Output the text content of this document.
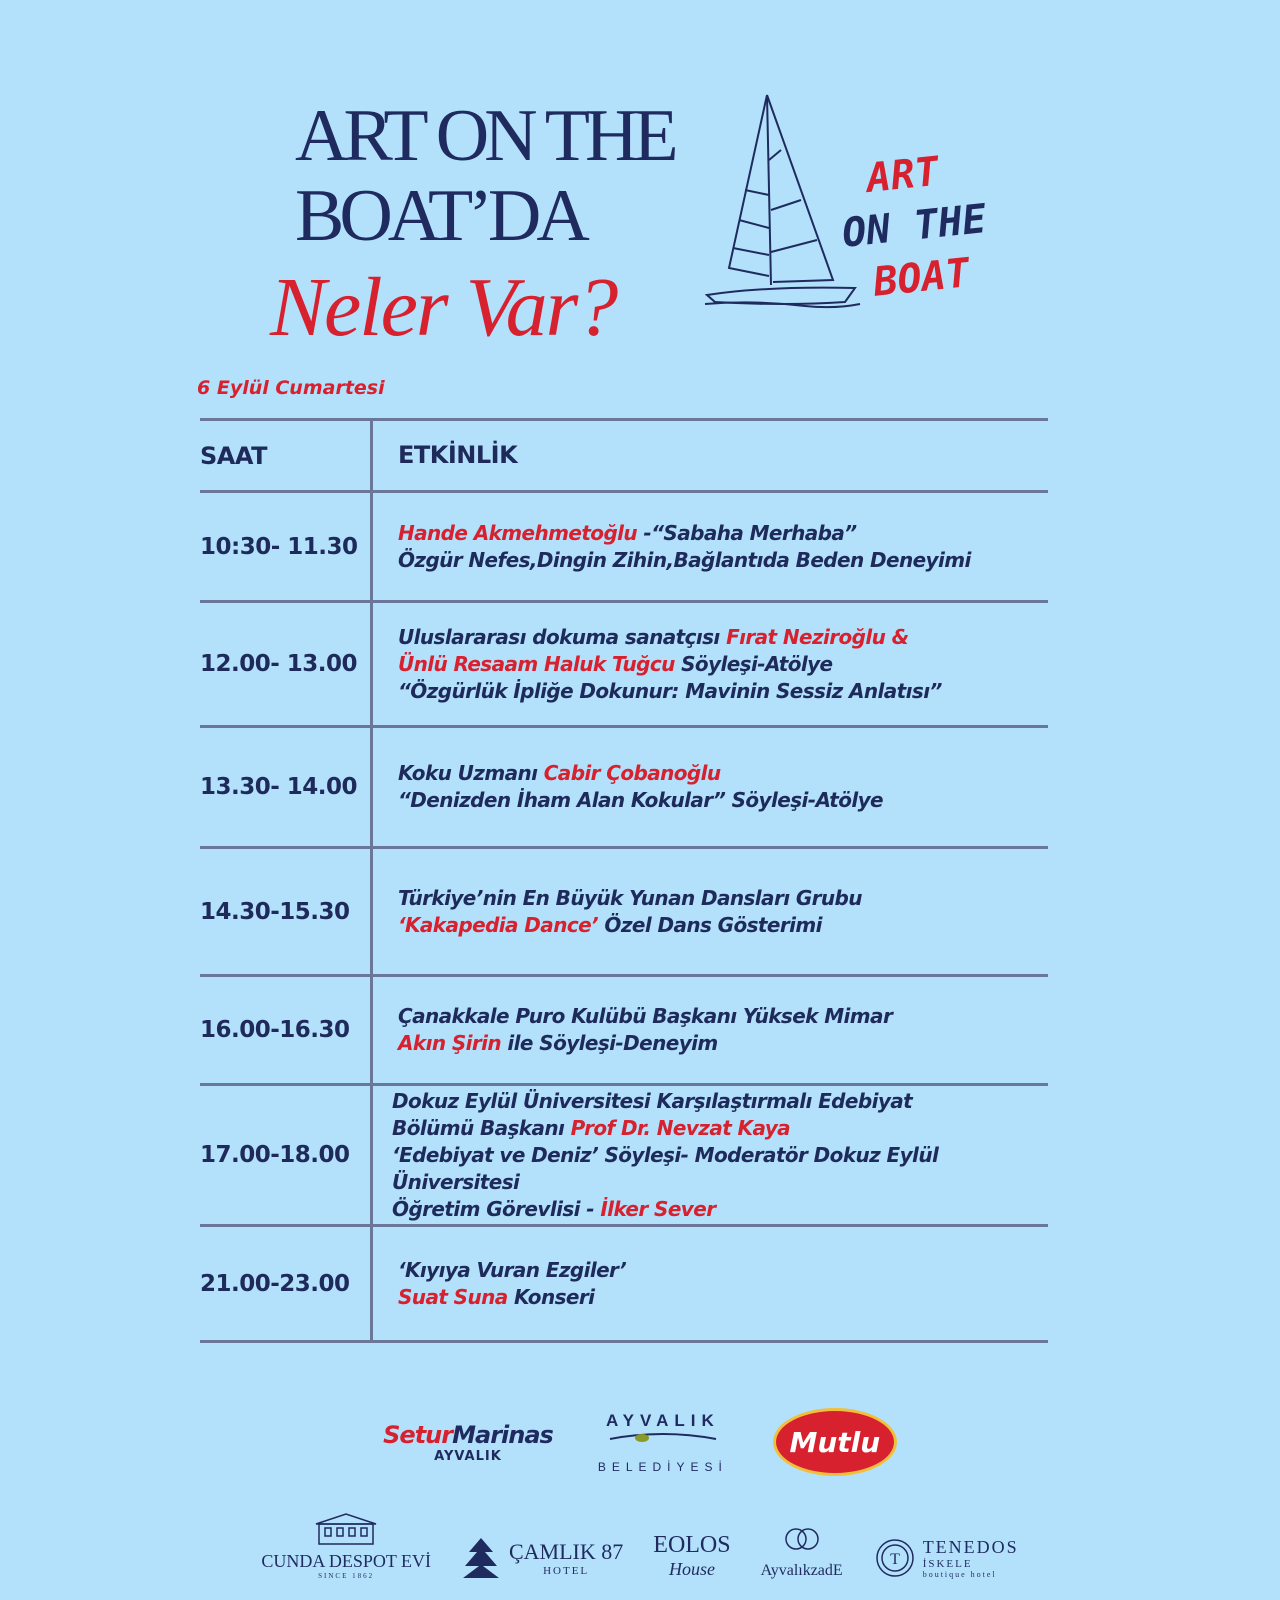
ART ON THE
BOAT’DA
Neler Var?
ART
ON THE
BOAT
6 Eylül Cumartesi
SAAT	ETKİNLİK
10:30- 11.30
Hande Akmehmetoğlu -“Sabaha Merhaba”
Özgür Nefes,Dingin Zihin,Bağlantıda Beden Deneyimi
12.00- 13.00
Uluslararası dokuma sanatçısı Fırat Neziroğlu &
Ünlü Resaam Haluk Tuğcu Söyleşi-Atölye
“Özgürlük İpliğe Dokunur: Mavinin Sessiz Anlatısı”
13.30- 14.00
Koku Uzmanı Cabir Çobanoğlu
“Denizden İham Alan Kokular” Söyleşi-Atölye
14.30-15.30
Türkiye’nin En Büyük Yunan Dansları Grubu
‘Kakapedia Dance’ Özel Dans Gösterimi
16.00-16.30
Çanakkale Puro Kulübü Başkanı Yüksek Mimar
Akın Şirin ile Söyleşi-Deneyim
17.00-18.00
Dokuz Eylül Üniversitesi Karşılaştırmalı Edebiyat
Bölümü Başkanı Prof Dr. Nevzat Kaya
‘Edebiyat ve Deniz’ Söyleşi- Moderatör Dokuz Eylül Üniversitesi
Öğretim Görevlisi - İlker Sever
21.00-23.00
‘Kıyıya Vuran Ezgiler’
Suat Suna Konseri
SeturMarinas
AYVALIK
AYVALIK
BELEDİYESİ
Mutlu
CUNDA DESPOT EVİ
SINCE 1862
ÇAMLIK 87
HOTEL
EOLOS
House	AyvalıkzadE
T
TENEDOS
İSKELE
boutique hotel
